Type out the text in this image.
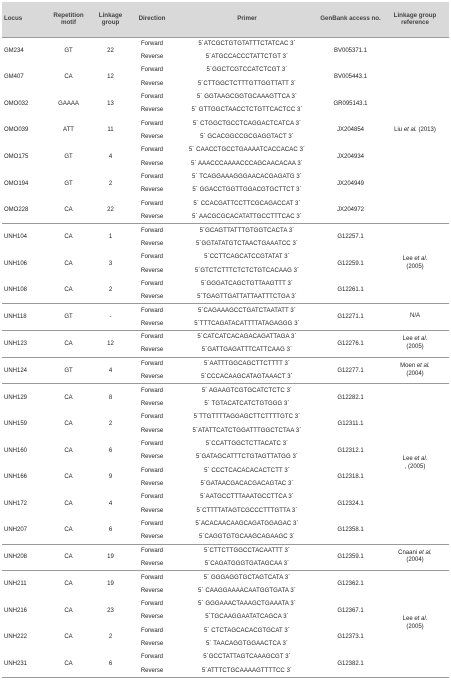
Locus	Repetition motif	Linkage group	Direction	Primer	GenBank access no.	Linkage group reference
GM234	GT	22	Forward	5´ATCGCTGTGTATTTCTATCAC 3´	BV005371.1	Liu et al. (2013)
			Reverse	5´ATGCCACCCTATTCTGT 3´		
GM407	CA	12	Forward	5´GGCTCGTCCATCTCGT 3´	BV005443.1	
			Reverse	5´CTTGGCTCTTTGTTGGTTATT 3´		
OMO032	GAAAA	13	Forward	5´ GGTAAGCGGTGCAAAGTTCA 3´	GR095143.1	
			Reverse	5´ GTTGGCTAACCTCTGTTCACTCC 3´		
OMO039	ATT	11	Forward	5´ CTGGCTGCCTCAGGACTCATCA 3´	JX204854	
			Reverse	5´ GCACGGCCGCGAGGTACT 3´		
OMO175	GT	4	Forward	5´ CAACCTGCCTGAAAATCACCACAC 3´	JX204934	
			Reverse	5´ AAACCCAAAACCCAGCAACACAA 3´		
OMO194	GT	2	Forward	5´ TCAGGAAAGGGAACACGAGATG 3´	JX204949	
			Reverse	5´ GGACCTGGTTGGACGTGCTTCT 3´		
OMO228	CA	22	Forward	5´ CCACGATTCCTTCGCAGACCAT 3´	JX204972	
			Reverse	5´ AACGCGCACATATTGCCTTTCAC 3´		
UNH104	CA	1	Forward	5´GCAGTTATTTGTGGTCACTA 3´	G12257.1	Lee et al.
(2005)
			Reverse	5´GGTATATGTCTAACTGAAATCC 3´		
UNH106	CA	3	Forward	5´CCTTCAGCATCCGTATAT 3´	G12259.1	
			Reverse	5´GTCTCTTTCTCTCTGTCACAAG 3´		
UNH108	CA	2	Forward	5´GGGATCAGCTGTTAAGTTT 3´	G12261.1	
			Reverse	5´TGAGTTGATTATTAATTTCTGA 3´		
UNH118	GT	-	Forward	5´CAGAAAGCCTGATCTAATATT 3´	G12271.1	N/A
			Reverse	5´TTTCAGATACATTTTATAGAGGG 3´		
UNH123	CA	12	Forward	5´CATCATCACAGACAGATTAGA 3´	G12276.1	Lee et al.
(2005)
			Reverse	5´GATTGAGATTTCATTCAAG 3´		
UNH124	GT	4	Forward	5´AATTTGGCAGCTTCTTTT 3´	G12277.1	Moen et al.
(2004)
			Reverse	5´CCCACAAGCATAGTAAACT 3´		
UNH129	CA	8	Forward	5´ AGAAGTCGTGCATCTCTC 3´	G12282.1	Lee et al.
, (2005)
			Reverse	5´ TGTACATCATCTGTGGG 3´		
UNH159	CA	2	Forward	5´TTGTTTTAGGAGCTTCTTTTGTC 3´	G12311.1	
			Reverse	5´ATATTCATCTGGATTTGGCTCTAA 3´		
UNH160	CA	6	Forward	5´CCATTGGCTCTTACATC 3´	G12312.1	
			Reverse	5´GATAGCATTTCTGTAGTTATGG 3´		
UNH166	CA	9	Forward	5´ CCCTCACACACACTCTT 3´	G12318.1	
			Reverse	5´GATAACGACACGACAGTAC 3´		
UNH172	CA	4	Forward	5´AATGCCTTTAAATGCCTTCA 3´	G12324.1	
			Reverse	5´CTTTTATAGTCGCCCTTTGTTA 3´		
UNH207	CA	6	Forward	5´ACACAACAAGCAGATGGAGAC 3´	G12358.1	
			Reverse	5´CAGGTGTGCAAGCAGAAGC 3´		
UNH208	CA	19	Forward	5´CTTCTTGGCCTACAATTT 3´	G12359.1	Cnaani et al.
(2004)
			Reverse	5´CAGATGGGTGATAGCAA 3´		
UNH211	CA	19	Forward	5´ GGGAGGTGCTAGTCATA 3´	G12362.1	Lee et al.
(2005)
			Reverse	5´ CAAGGAAAACAATGGTGATA 3´		
UNH216	CA	23	Forward	5´ GGGAAACTAAAGCTGAAATA 3´	G12367.1	
			Reverse	5´TGCAAGGAATATCAGCA 3´		
UNH222	CA	2	Forward	5´ CTCTAGCACACGTGCAT 3´	G12373.1	
			Reverse	5´ TAACAGGTGGAACTCA 3´		
UNH231	CA	6	Forward	5´GCCTATTAGTCAAAGCGT 3´	G12382.1	
			Reverse	5´ATTTCTGCAAAAGTTTTCC 3´		
